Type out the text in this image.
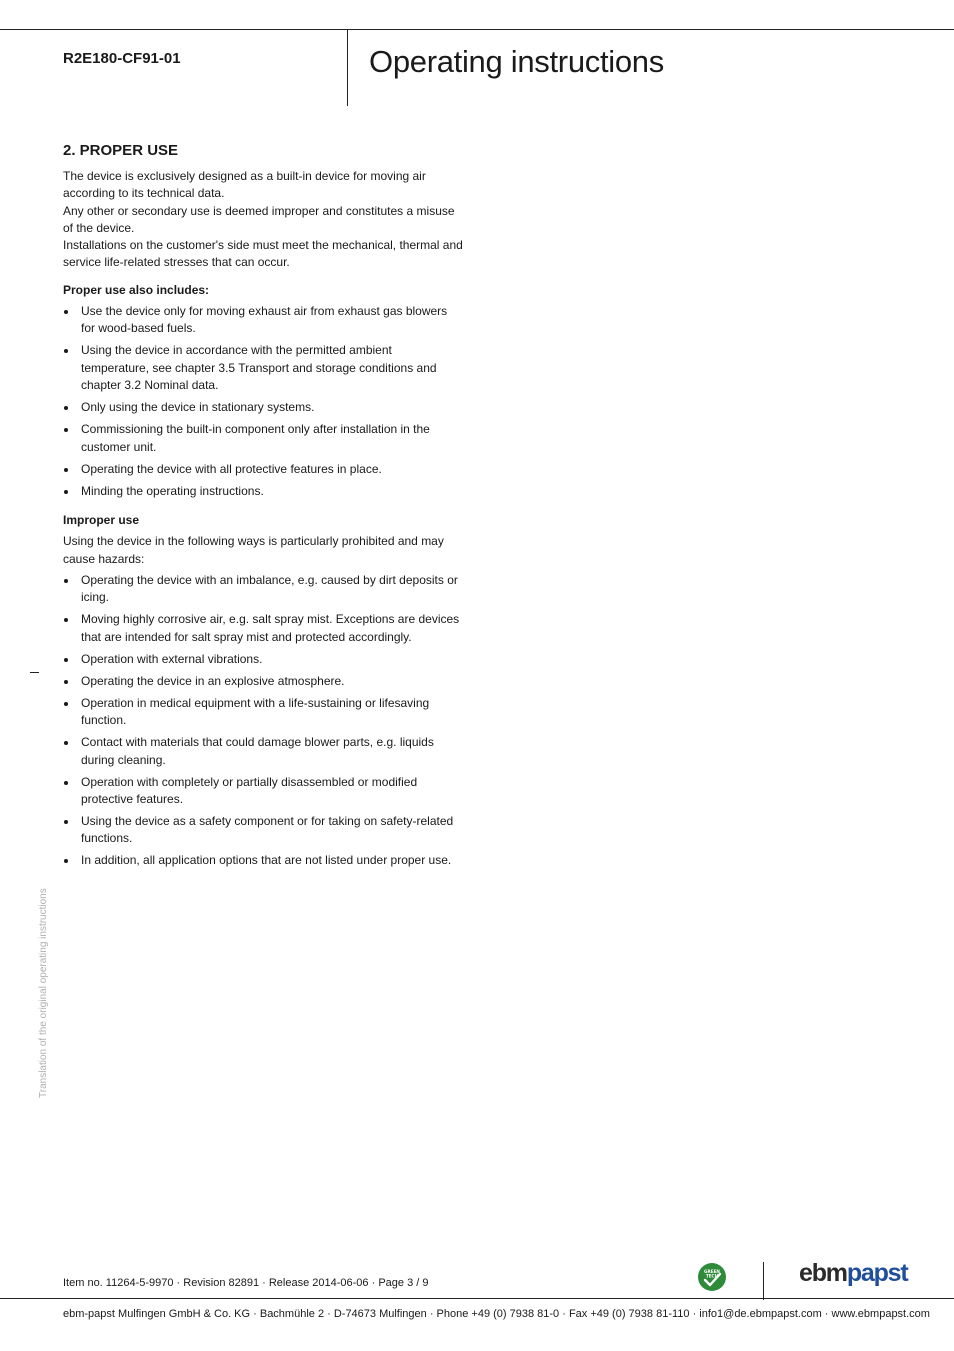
R2E180-CF91-01	Operating instructions
2. PROPER USE

The device is exclusively designed as a built-in device for moving air according to its technical data.

Any other or secondary use is deemed improper and constitutes a misuse of the device.

Installations on the customer's side must meet the mechanical, thermal and service life-related stresses that can occur.

Proper use also includes:
Use the device only for moving exhaust air from exhaust gas blowers for wood-based fuels.
Using the device in accordance with the permitted ambient temperature, see chapter 3.5 Transport and storage conditions and chapter 3.2 Nominal data.
Only using the device in stationary systems.
Commissioning the built-in component only after installation in the customer unit.
Operating the device with all protective features in place.
Minding the operating instructions.
Improper use

Using the device in the following ways is particularly prohibited and may cause hazards:

Operating the device with an imbalance, e.g. caused by dirt deposits or icing.
Moving highly corrosive air, e.g. salt spray mist. Exceptions are devices that are intended for salt spray mist and protected accordingly.
Operation with external vibrations.
Operating the device in an explosive atmosphere.
Operation in medical equipment with a life-sustaining or lifesaving function.
Contact with materials that could damage blower parts, e.g. liquids during cleaning.
Operation with completely or partially disassembled or modified protective features.
Using the device as a safety component or for taking on safety-related functions.
In addition, all application options that are not listed under proper use.
Translation of the original operating instructions
Item no. 11264-5-9970 · Revision 82891 · Release 2014-06-06 · Page 3 / 9
GREEN
TECH	ebmpapst
ebm-papst Mulfingen GmbH & Co. KG · Bachmühle 2 · D-74673 Mulfingen · Phone +49 (0) 7938 81-0 · Fax +49 (0) 7938 81-110 · info1@de.ebmpapst.com · www.ebmpapst.com
